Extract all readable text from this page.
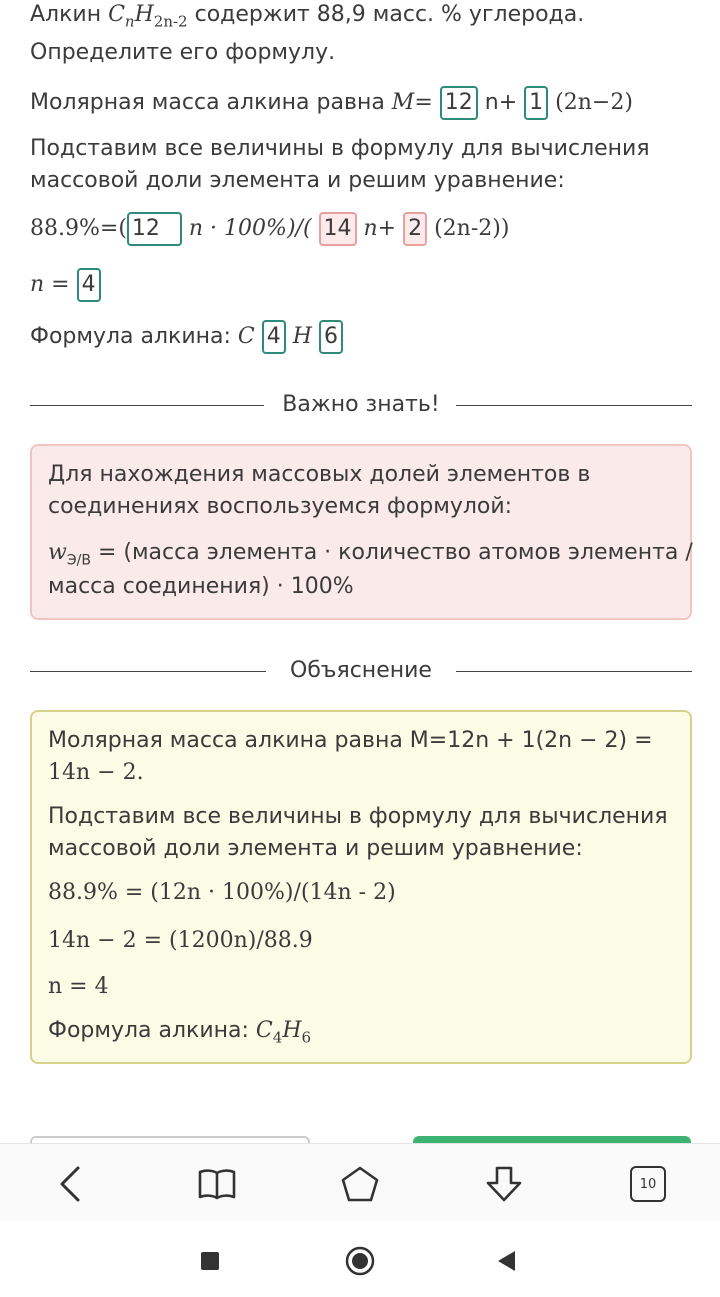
Алкин $C_nH_{2n-2}$ содержит 88,9 масс. % углерода.
Определите его формулу.
Молярная масса алкина равна M= 12 n+ 1 (2n−2)
Подставим все величины в формулу для вычисления
массовой доли элемента и решим уравнение:
88.9%=( 12 n · 100%)/( 14 n+ 2 (2n-2))
n = 4
Формула алкина: C 4 H 6
Важно знать!
Для нахождения массовых долей элементов в
соединениях воспользуемся формулой:
$w_{Э/В}$ = (масса элемента · количество атомов элемента /
масса соединения) · 100%
Объяснение
Молярная масса алкина равна M=12n + 1(2n − 2) =
14n − 2.
Подставим все величины в формулу для вычисления
массовой доли элемента и решим уравнение:
88.9% = (12n · 100%)/(14n - 2)
14n − 2 = (1200n)/88.9
n = 4
Формула алкина: $C_4H_6$
10
